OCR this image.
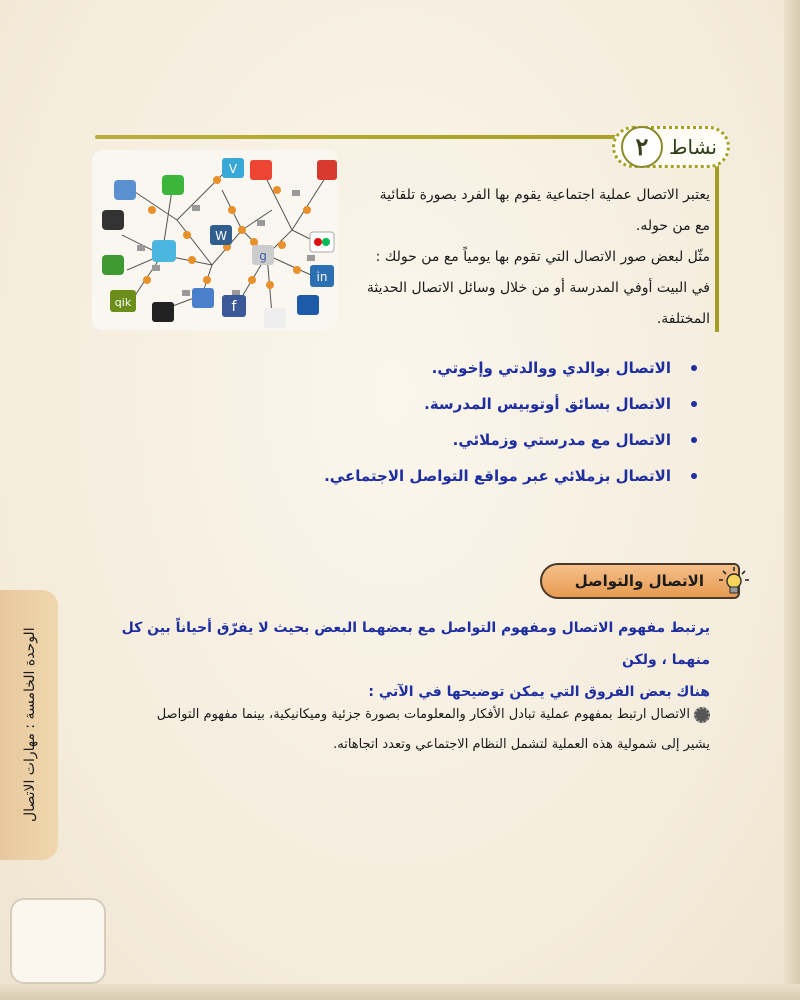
٢	نشاط
W
g
V
qik	f
in

يعتبر الاتصال عملية اجتماعية يقوم بها الفرد بصورة تلقائية

مع من حوله.

مثّل لبعض صور الاتصال التي تقوم بها يومياً مع من حولك :

في البيت أوفي المدرسة أو من خلال وسائل الاتصال الحديثة

المختلفة.

الاتصال بوالدي ووالدتي وإخوتي.
الاتصال بسائق أوتوبيس المدرسة.
الاتصال مع مدرستي وزملائي.
الاتصال بزملائي عبر مواقع التواصل الاجتماعي.
الاتصال والتواصل

يرتبط مفهوم الاتصال ومفهوم التواصل مع بعضهما البعض بحيث لا يفرّق أحياناً بين كل منهما ، ولكن

هناك بعض الفروق التي يمكن توضيحها في الآتي :

الاتصال ارتبط بمفهوم عملية تبادل الأفكار والمعلومات بصورة جزئية وميكانيكية، بينما مفهوم التواصل

يشير إلى شمولية هذه العملية لتشمل النظام الاجتماعي وتعدد اتجاهاته.

الوحدة الخامسة : مهارات الاتصال
